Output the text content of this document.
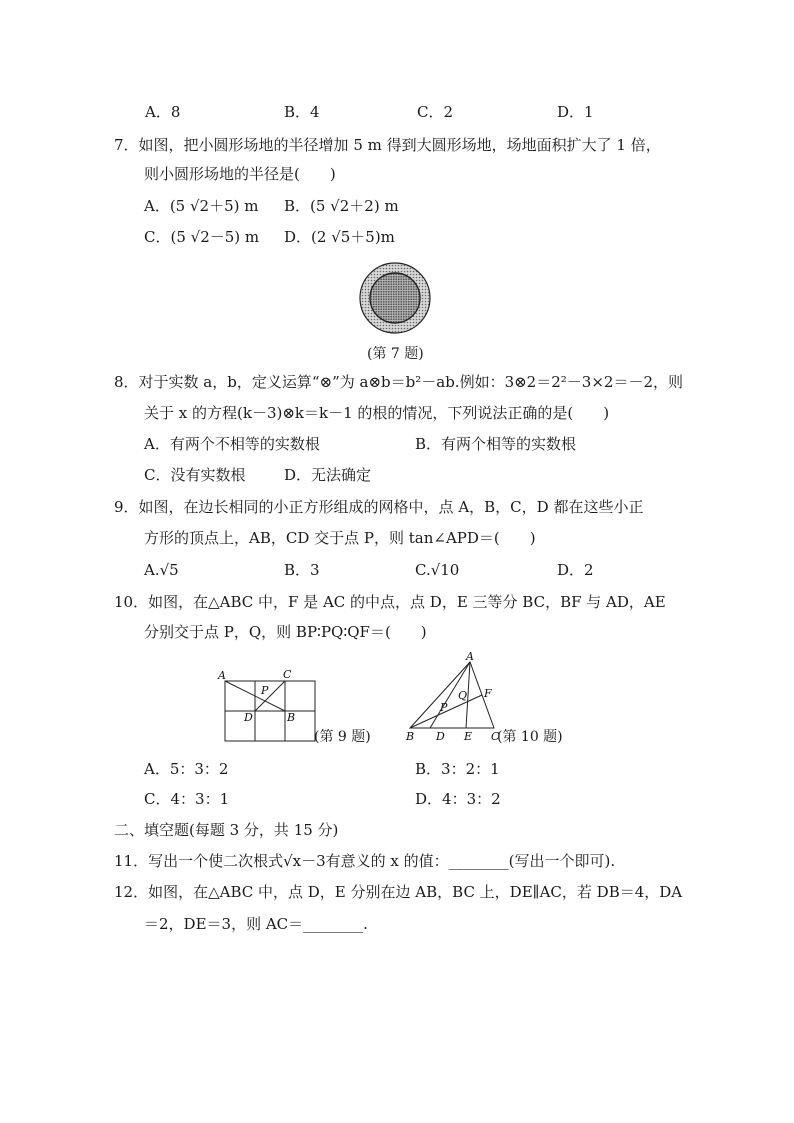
A．8	B．4	C．2	D．1
7．如图，把小圆形场地的半径增加 5 m 得到大圆形场地，场地面积扩大了 1 倍，
则小圆形场地的半径是(　　)
A．(5 √2＋5) m B．(5 √2＋2) m
C．(5 √2－5) m D．(2 √5＋5)m
(第 7 题)
8．对于实数 a，b，定义运算“⊗”为 a⊗b＝b²－ab.例如：3⊗2＝2²－3×2＝－2，则
关于 x 的方程(k－3)⊗k＝k－1 的根的情况，下列说法正确的是(　　)
A．有两个不相等的实数根	B．有两个相等的实数根
C．没有实数根	D．无法确定
9．如图，在边长相同的小正方形组成的网格中，点 A，B，C，D 都在这些小正
方形的顶点上，AB，CD 交于点 P，则 tan∠APD＝(　　)
A.√5	B．3	C.√10	D．2
10．如图，在△ABC 中，F 是 AC 的中点，点 D，E 三等分 BC，BF 与 AD，AE
分别交于点 P，Q，则 BP∶PQ∶QF＝(　　)
A	C
P
D	B
(第 9 题)
A
Q F
P
B D E C
(第 10 题)
A．5：3：2	B．3：2：1
C．4：3：1	D．4：3：2
二、填空题(每题 3 分，共 15 分)
11．写出一个使二次根式√x－3有意义的 x 的值：________(写出一个即可).
12．如图，在△ABC 中，点 D，E 分别在边 AB，BC 上，DE∥AC，若 DB＝4，DA
＝2，DE＝3，则 AC＝________.
